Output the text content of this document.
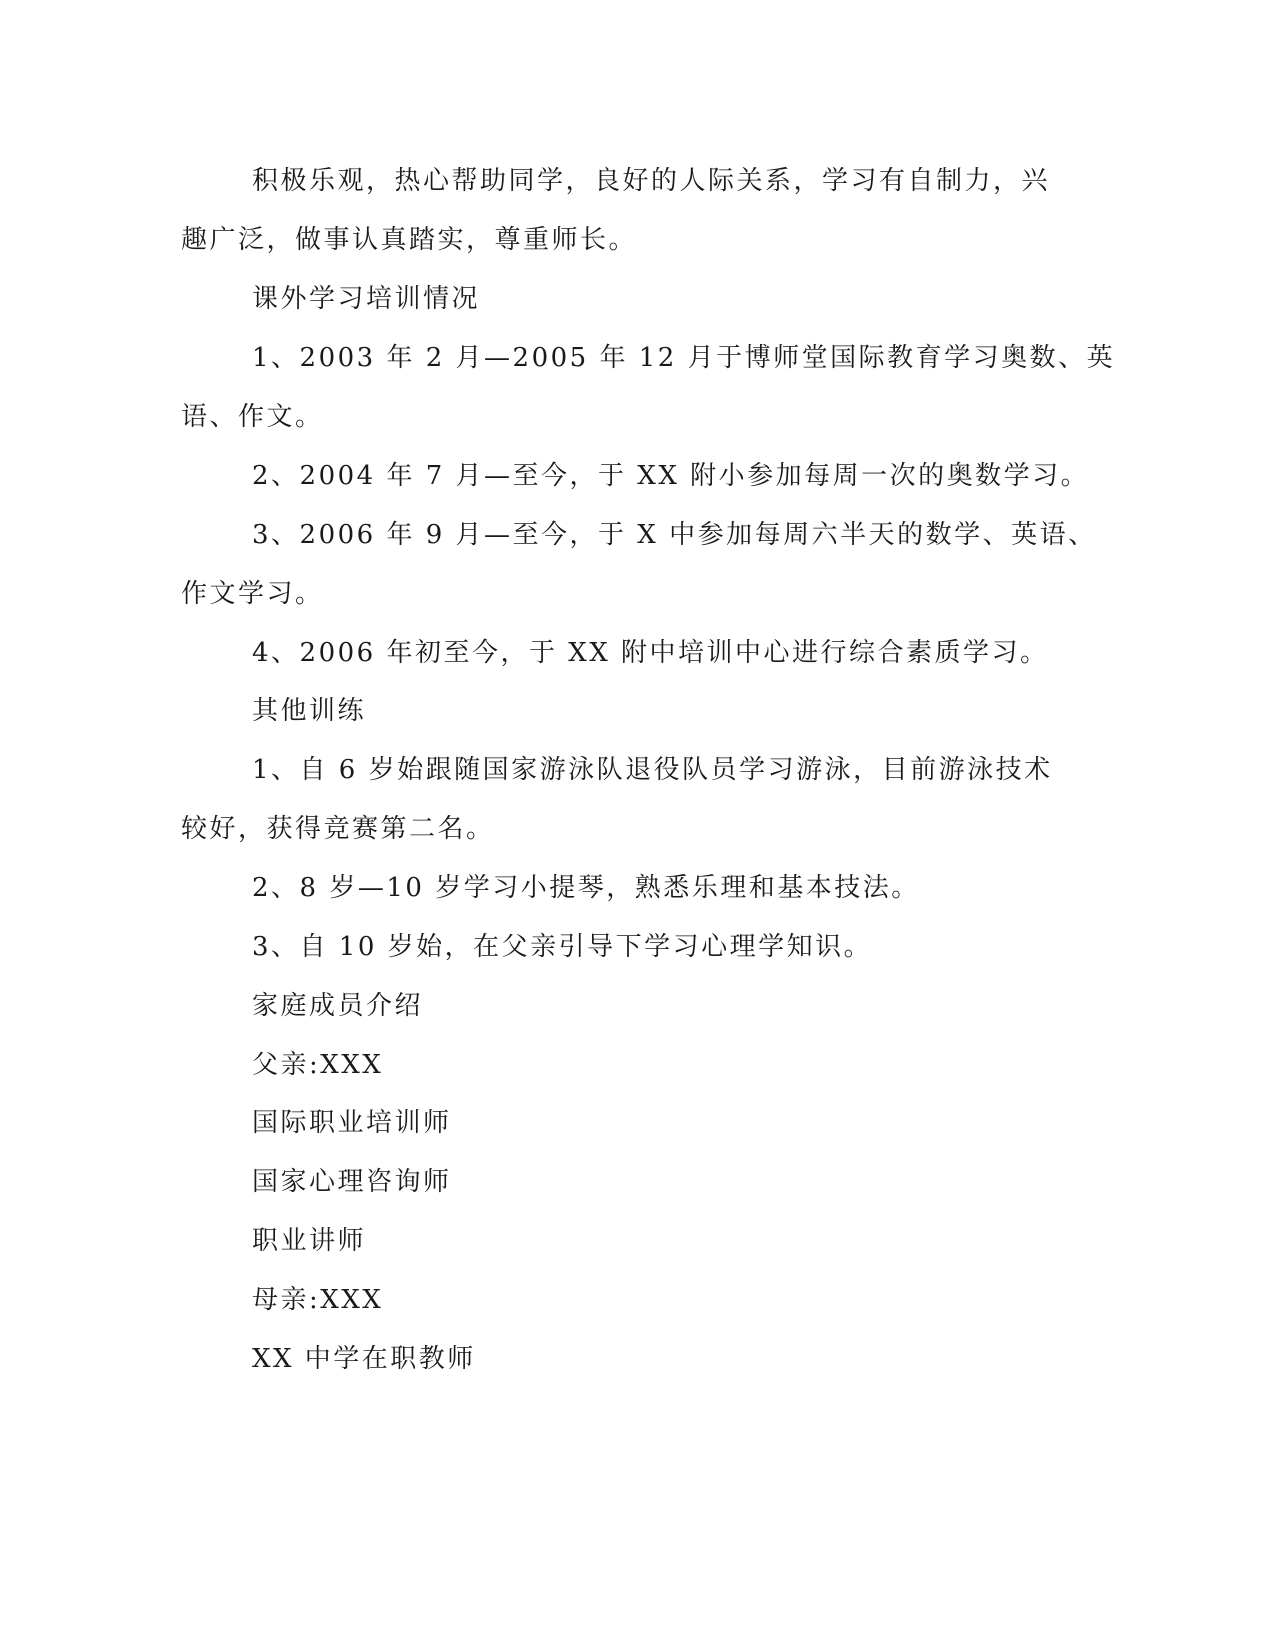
积极乐观，热心帮助同学，良好的人际关系，学习有自制力，兴
趣广泛，做事认真踏实，尊重师长。
课外学习培训情况
1、2003 年 2 月—2005 年 12 月于博师堂国际教育学习奥数、英
语、作文。
2、2004 年 7 月—至今，于 XX 附小参加每周一次的奥数学习。
3、2006 年 9 月—至今，于 X 中参加每周六半天的数学、英语、
作文学习。
4、2006 年初至今，于 XX 附中培训中心进行综合素质学习。
其他训练
1、自 6 岁始跟随国家游泳队退役队员学习游泳，目前游泳技术
较好，获得竞赛第二名。
2、8 岁—10 岁学习小提琴，熟悉乐理和基本技法。
3、自 10 岁始，在父亲引导下学习心理学知识。
家庭成员介绍
父亲:XXX
国际职业培训师
国家心理咨询师
职业讲师
母亲:XXX
XX 中学在职教师
